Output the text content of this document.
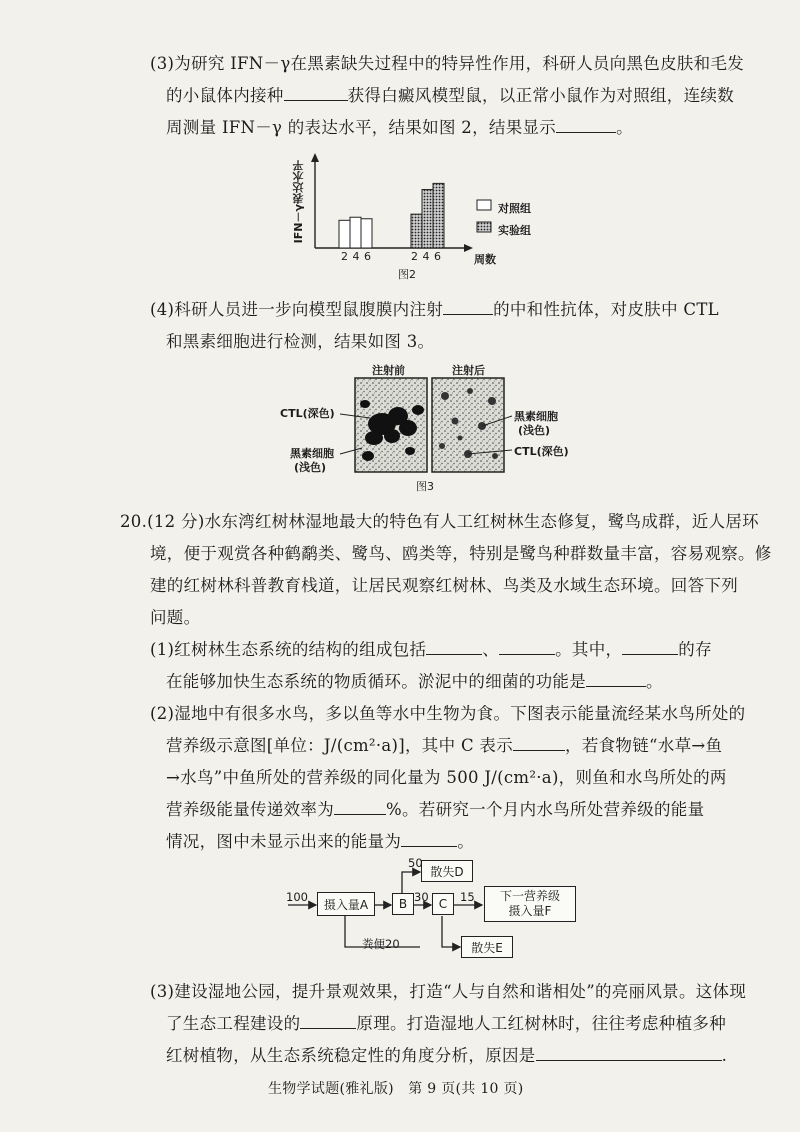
(3)为研究 IFN－γ在黑素缺失过程中的特异性作用，科研人员向黑色皮肤和毛发
的小鼠体内接种	获得白癜风模型鼠，以正常小鼠作为对照组，连续数
周测量 IFN－γ 的表达水平，结果如图 2，结果显示	。
IFN－γ表达水平
2 4 6	2 4 6	周数
对照组
实验组
图2
(4)科研人员进一步向模型鼠腹膜内注射	的中和性抗体，对皮肤中 CTL
和黑素细胞进行检测，结果如图 3。
注射前	注射后
CTL(深色)
黑素细胞
(浅色)
黑素细胞
(浅色)
CTL(深色)
图3
20.(12 分)水东湾红树林湿地最大的特色有人工红树林生态修复，鹭鸟成群，近人居环
境，便于观赏各种鹤鹬类、鹭鸟、鸥类等，特别是鹭鸟种群数量丰富，容易观察。修
建的红树林科普教育栈道，让居民观察红树林、鸟类及水域生态环境。回答下列
问题。
(1)红树林生态系统的结构的组成包括	、	。其中，	的存
在能够加快生态系统的物质循环。淤泥中的细菌的功能是	。
(2)湿地中有很多水鸟，多以鱼等水中生物为食。下图表示能量流经某水鸟所处的
营养级示意图[单位：J/(cm²·a)]，其中 C 表示	，若食物链“水草→鱼
→水鸟”中鱼所处的营养级的同化量为 500 J/(cm²·a)，则鱼和水鸟所处的两
营养级能量传递效率为	%。若研究一个月内水鸟所处营养级的能量
情况，图中未显示出来的能量为	。
100
摄入量A	B	C
散失D
散失E
下一营养级
摄入量F
50
30	15
粪便20
(3)建设湿地公园，提升景观效果，打造“人与自然和谐相处”的亮丽风景。这体现
了生态工程建设的	原理。打造湿地人工红树林时，往往考虑种植多种
红树植物，从生态系统稳定性的角度分析，原因是	.
生物学试题(雅礼版)　第 9 页(共 10 页)
